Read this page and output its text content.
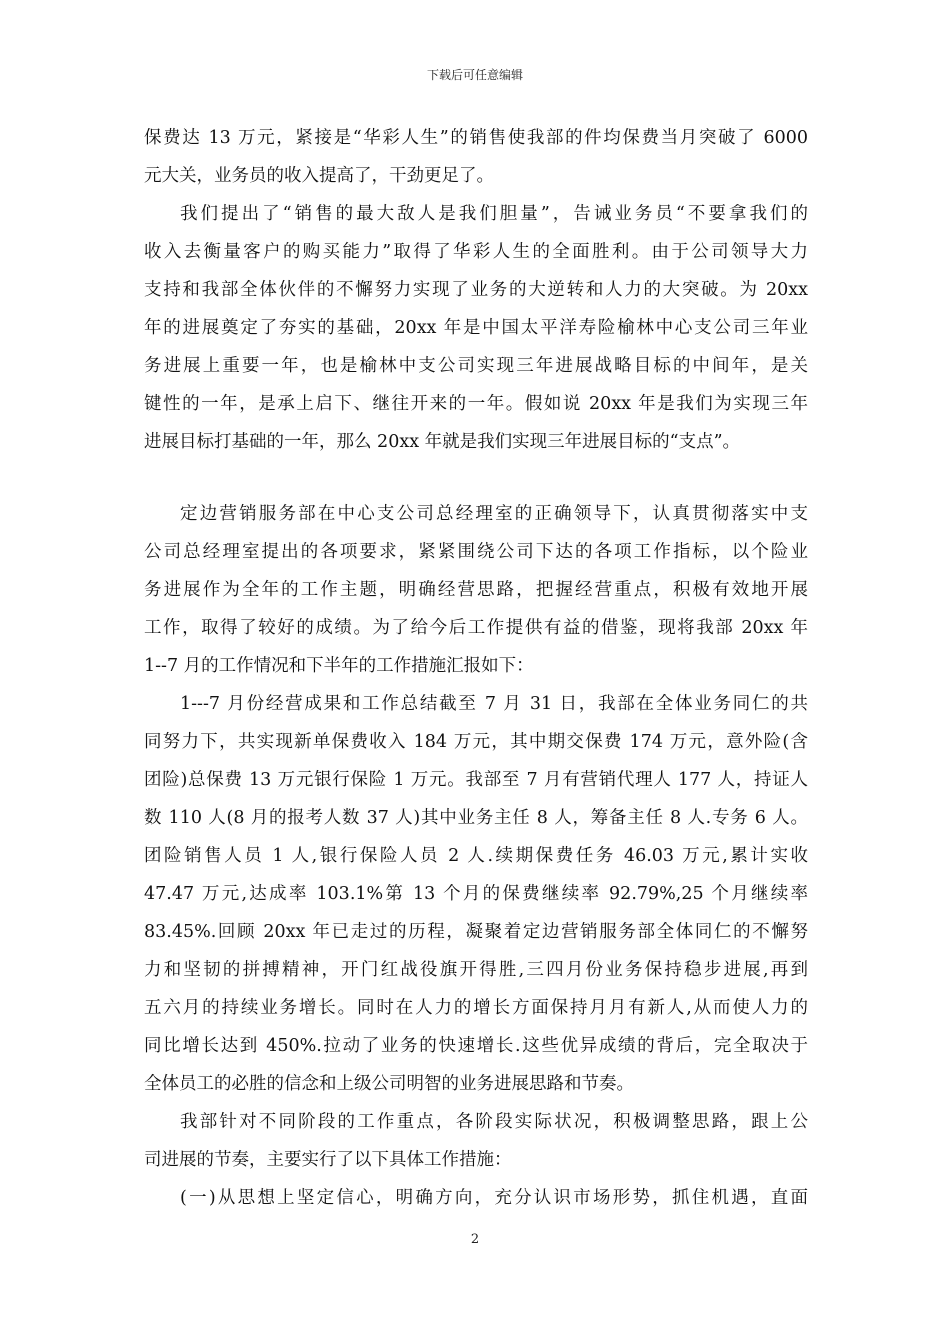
下载后可任意编辑
保费达 13 万元，紧接是“华彩人生”的销售使我部的件均保费当月突破了 6000
元大关，业务员的收入提高了，干劲更足了。
我们提出了“销售的最大敌人是我们胆量”，告诫业务员“不要拿我们的
收入去衡量客户的购买能力”取得了华彩人生的全面胜利。由于公司领导大力
支持和我部全体伙伴的不懈努力实现了业务的大逆转和人力的大突破。为 20xx
年的进展奠定了夯实的基础，20xx 年是中国太平洋寿险榆林中心支公司三年业
务进展上重要一年，也是榆林中支公司实现三年进展战略目标的中间年，是关
键性的一年，是承上启下、继往开来的一年。假如说 20xx 年是我们为实现三年
进展目标打基础的一年，那么 20xx 年就是我们实现三年进展目标的“支点”。
定边营销服务部在中心支公司总经理室的正确领导下，认真贯彻落实中支
公司总经理室提出的各项要求，紧紧围绕公司下达的各项工作指标，以个险业
务进展作为全年的工作主题，明确经营思路，把握经营重点，积极有效地开展
工作，取得了较好的成绩。为了给今后工作提供有益的借鉴，现将我部 20xx 年
1--7 月的工作情况和下半年的工作措施汇报如下：
1---7 月份经营成果和工作总结截至 7 月 31 日，我部在全体业务同仁的共
同努力下，共实现新单保费收入 184 万元，其中期交保费 174 万元，意外险(含
团险)总保费 13 万元银行保险 1 万元。我部至 7 月有营销代理人 177 人，持证人
数 110 人(8 月的报考人数 37 人)其中业务主任 8 人，筹备主任 8 人.专务 6 人。
团险销售人员 1 人,银行保险人员 2 人.续期保费任务 46.03 万元,累计实收
47.47 万元,达成率 103.1%第 13 个月的保费继续率 92.79%,25 个月继续率
83.45%.回顾 20xx 年已走过的历程，凝聚着定边营销服务部全体同仁的不懈努
力和坚韧的拼搏精神，开门红战役旗开得胜,三四月份业务保持稳步进展,再到
五六月的持续业务增长。同时在人力的增长方面保持月月有新人,从而使人力的
同比增长达到 450%.拉动了业务的快速增长.这些优异成绩的背后，完全取决于
全体员工的必胜的信念和上级公司明智的业务进展思路和节奏。
我部针对不同阶段的工作重点，各阶段实际状况，积极调整思路，跟上公
司进展的节奏，主要实行了以下具体工作措施：
(一)从思想上坚定信心，明确方向，充分认识市场形势，抓住机遇，直面
2
